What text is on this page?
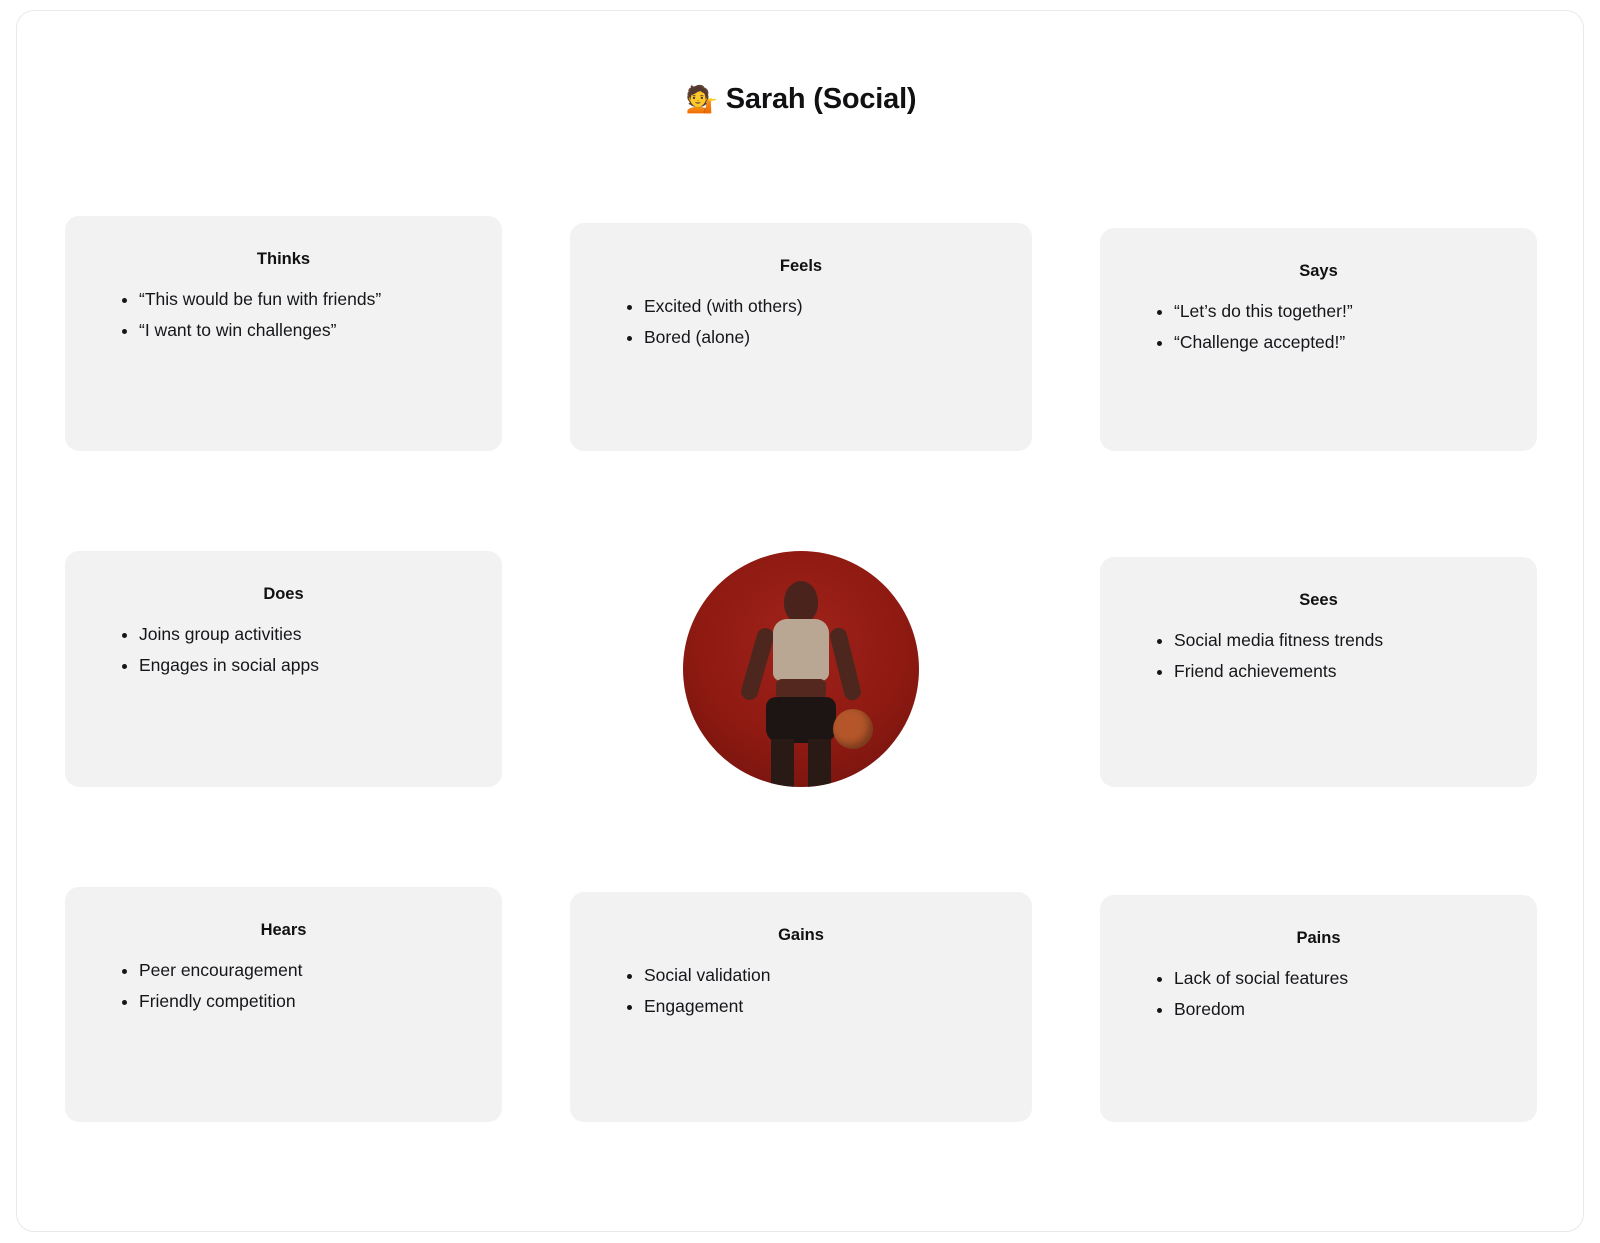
💁 Sarah (Social)
Thinks
• “This would be fun with friends”
• “I want to win challenges”
Feels
• Excited (with others)
• Bored (alone)
Says
• “Let’s do this together!”
• “Challenge accepted!”
Does
• Joins group activities
• Engages in social apps
Sees
• Social media fitness trends
• Friend achievements
Hears
• Peer encouragement
• Friendly competition
Gains
• Social validation
• Engagement
Pains
• Lack of social features
• Boredom
